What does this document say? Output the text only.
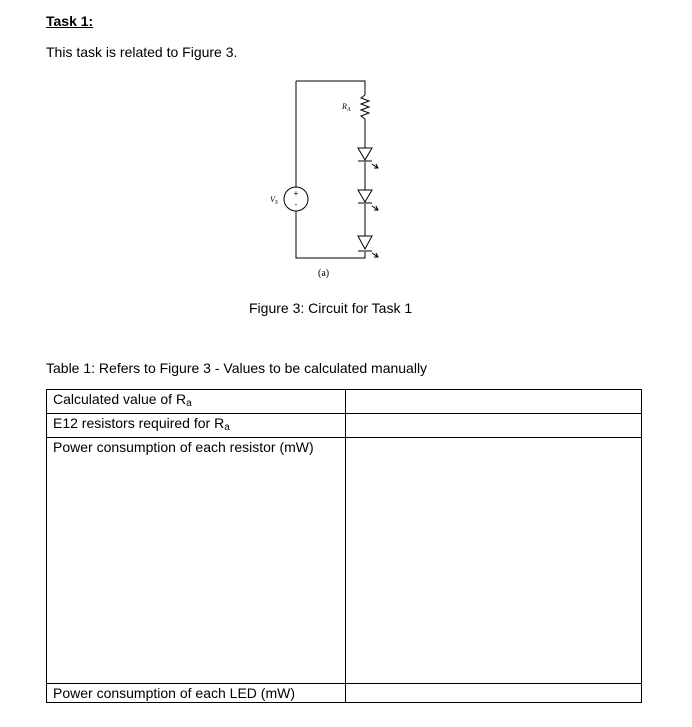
Task 1:
This task is related to Figure 3.
$R_A$
$V_S$
+
-
(a)
Figure 3: Circuit for Task 1
Table 1: Refers to Figure 3 - Values to be calculated manually
Calculated value of $R_a$	
E12 resistors required for $R_a$	
Power consumption of each resistor (mW)	
Power consumption of each LED (mW)	
